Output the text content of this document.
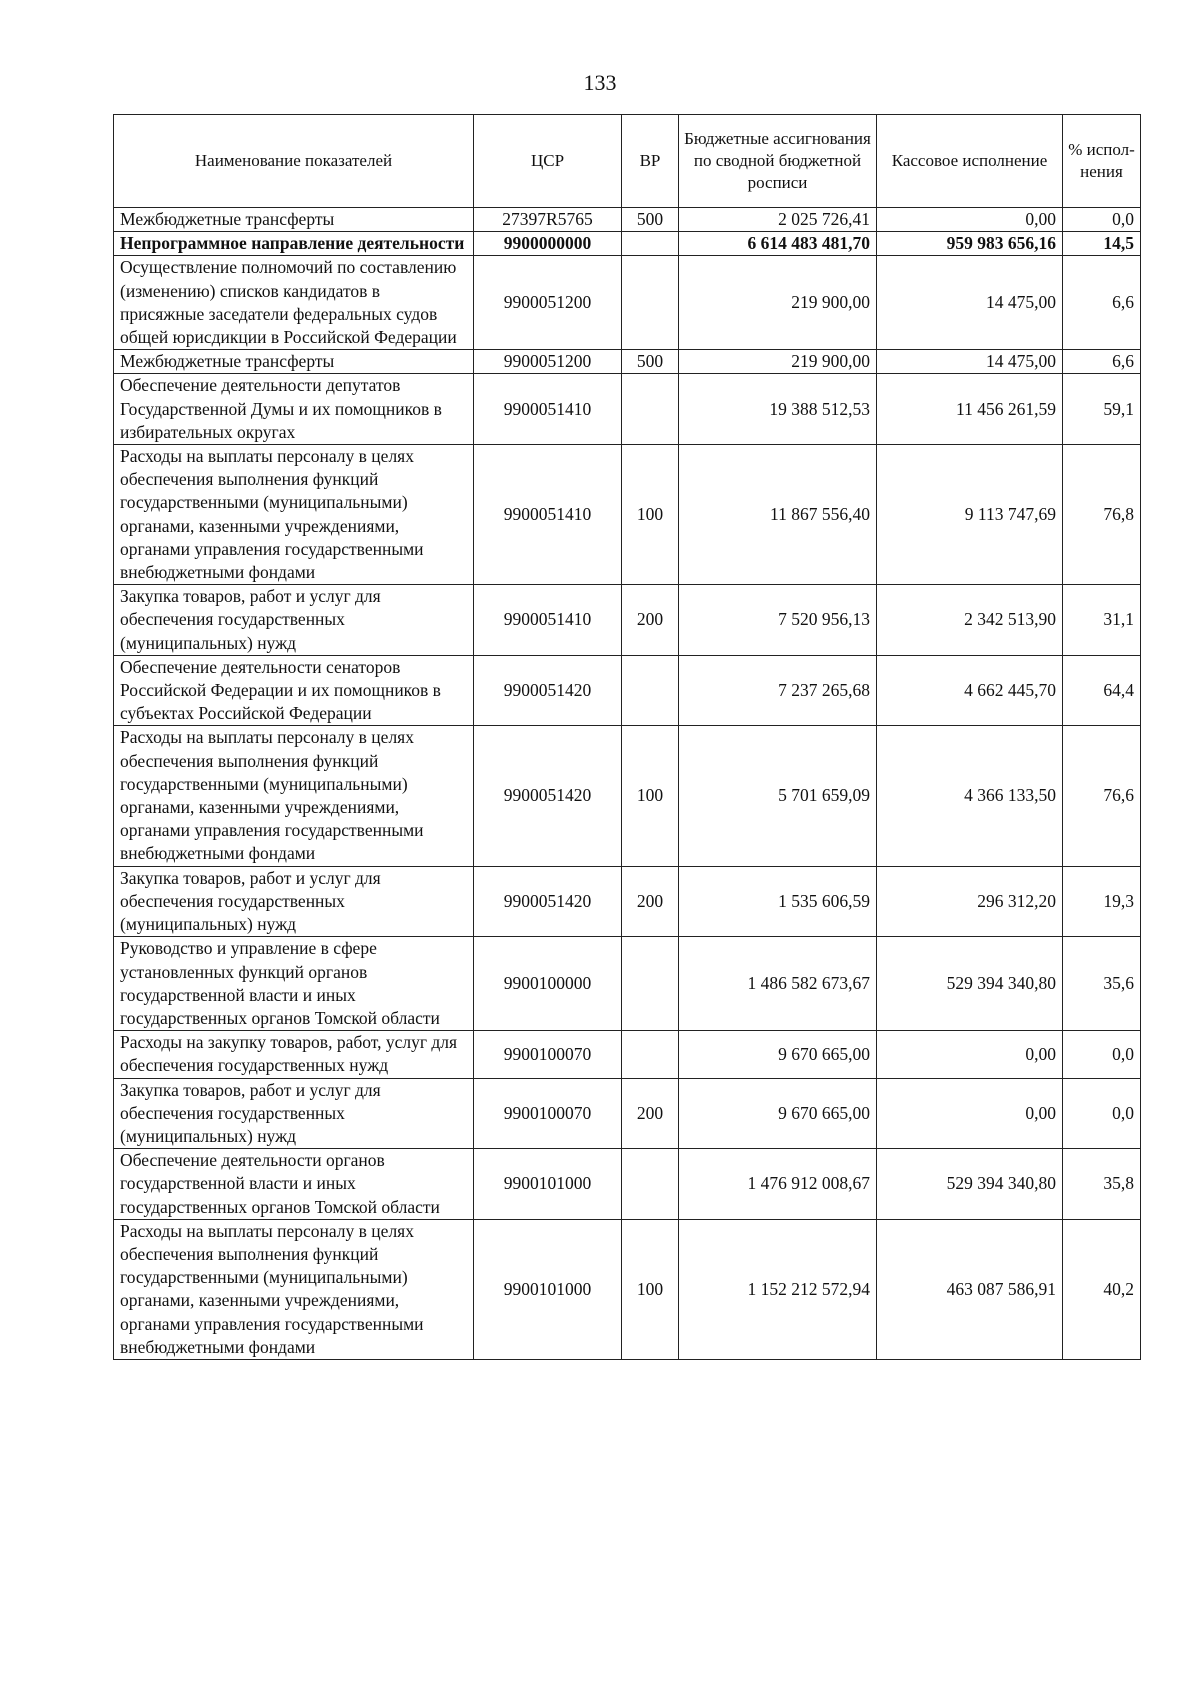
133
Наименование показателей	ЦСР	ВР	Бюджетные ассигнования по сводной бюджетной росписи	Кассовое исполнение	% испол-нения
Межбюджетные трансферты	27397R5765	500	2 025 726,41	0,00	0,0
Непрограммное направление деятельности	9900000000		6 614 483 481,70	959 983 656,16	14,5
Осуществление полномочий по составлению (изменению) списков кандидатов в присяжные заседатели федеральных судов общей юрисдикции в Российской Федерации	9900051200		219 900,00	14 475,00	6,6
Межбюджетные трансферты	9900051200	500	219 900,00	14 475,00	6,6
Обеспечение деятельности депутатов Государственной Думы и их помощников в избирательных округах	9900051410		19 388 512,53	11 456 261,59	59,1
Расходы на выплаты персоналу в целях обеспечения выполнения функций государственными (муниципальными) органами, казенными учреждениями, органами управления государственными внебюджетными фондами	9900051410	100	11 867 556,40	9 113 747,69	76,8
Закупка товаров, работ и услуг для обеспечения государственных (муниципальных) нужд	9900051410	200	7 520 956,13	2 342 513,90	31,1
Обеспечение деятельности сенаторов Российской Федерации и их помощников в субъектах Российской Федерации	9900051420		7 237 265,68	4 662 445,70	64,4
Расходы на выплаты персоналу в целях обеспечения выполнения функций государственными (муниципальными) органами, казенными учреждениями, органами управления государственными внебюджетными фондами	9900051420	100	5 701 659,09	4 366 133,50	76,6
Закупка товаров, работ и услуг для обеспечения государственных (муниципальных) нужд	9900051420	200	1 535 606,59	296 312,20	19,3
Руководство и управление в сфере установленных функций органов государственной власти и иных государственных органов Томской области	9900100000		1 486 582 673,67	529 394 340,80	35,6
Расходы на закупку товаров, работ, услуг для обеспечения государственных нужд	9900100070		9 670 665,00	0,00	0,0
Закупка товаров, работ и услуг для обеспечения государственных (муниципальных) нужд	9900100070	200	9 670 665,00	0,00	0,0
Обеспечение деятельности органов государственной власти и иных государственных органов Томской области	9900101000		1 476 912 008,67	529 394 340,80	35,8
Расходы на выплаты персоналу в целях обеспечения выполнения функций государственными (муниципальными) органами, казенными учреждениями, органами управления государственными внебюджетными фондами	9900101000	100	1 152 212 572,94	463 087 586,91	40,2
